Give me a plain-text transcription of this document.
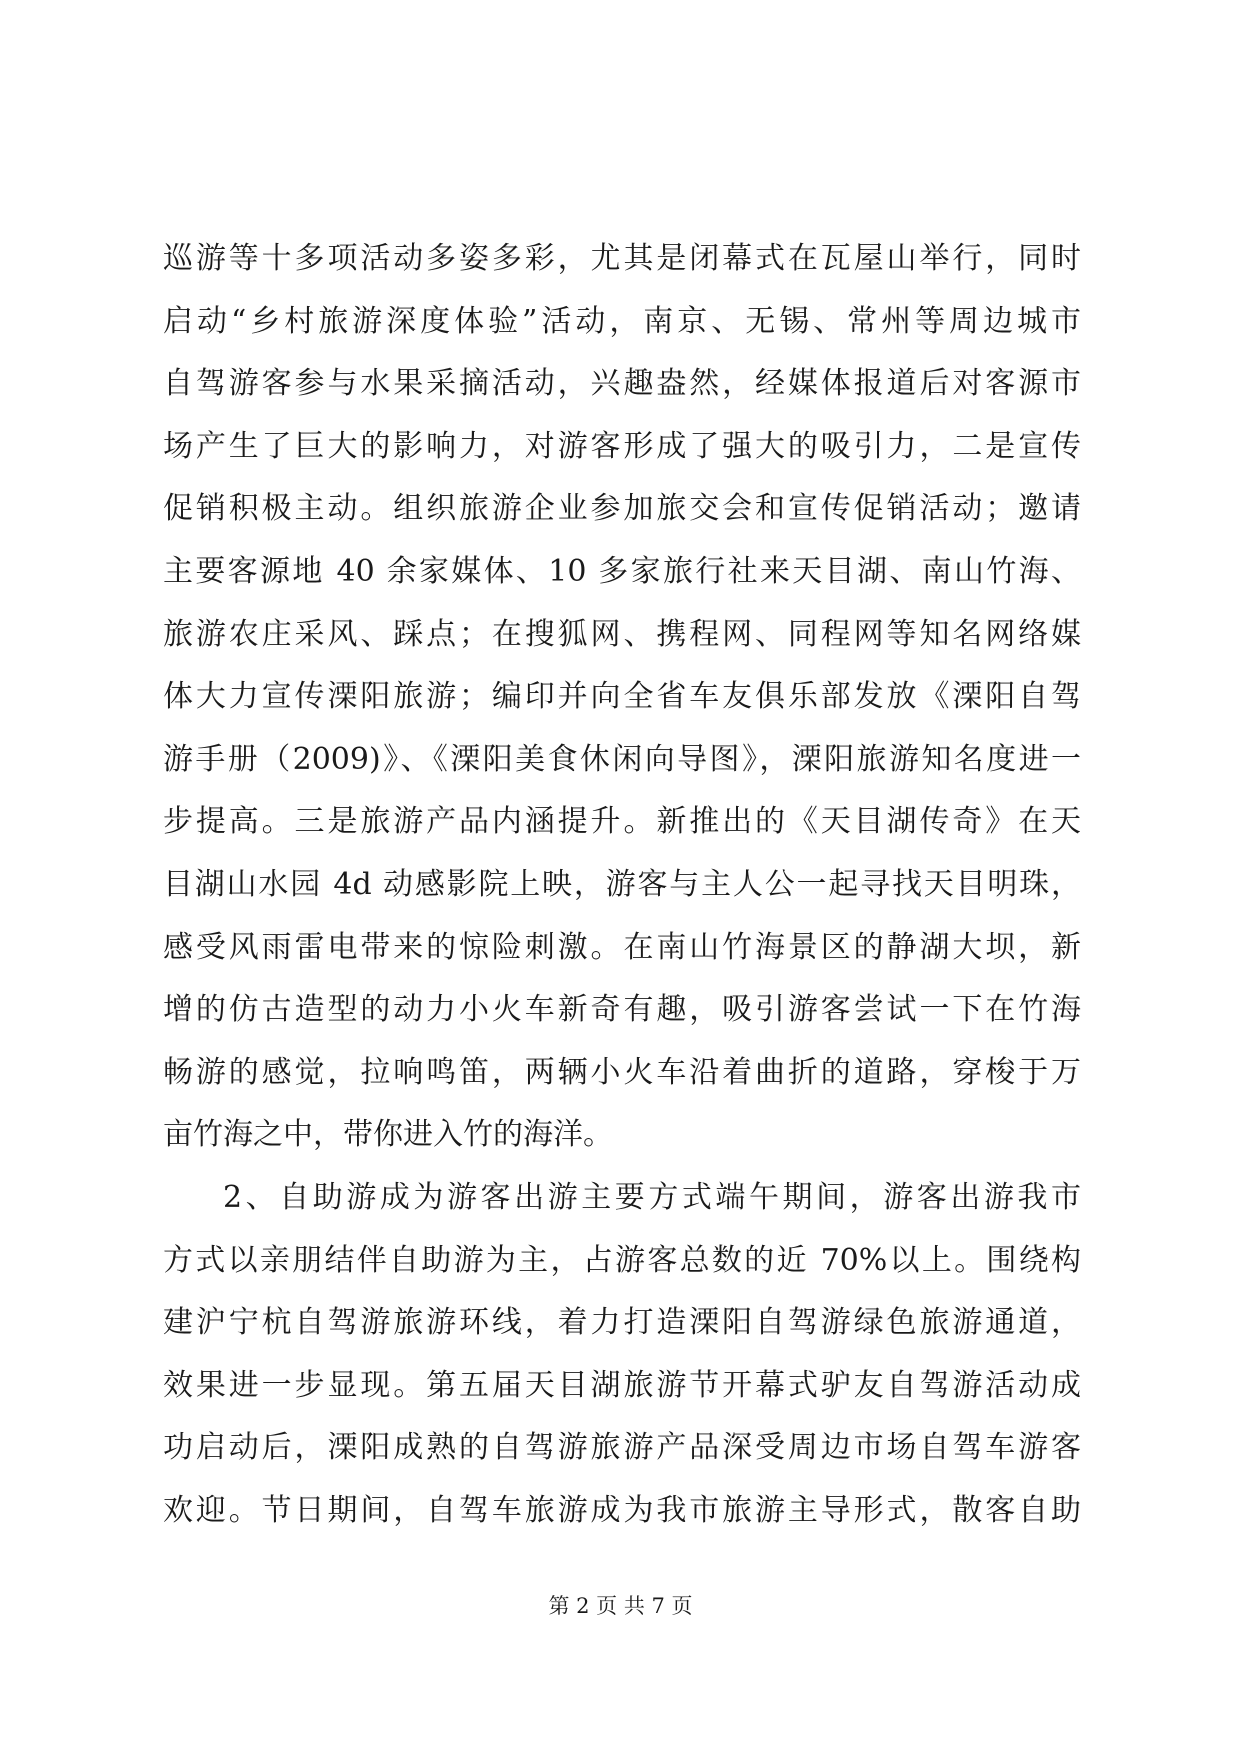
巡游等十多项活动多姿多彩，尤其是闭幕式在瓦屋山举行，同时
启动“乡村旅游深度体验”活动，南京、无锡、常州等周边城市
自驾游客参与水果采摘活动，兴趣盎然，经媒体报道后对客源市
场产生了巨大的影响力，对游客形成了强大的吸引力，二是宣传
促销积极主动。组织旅游企业参加旅交会和宣传促销活动；邀请
主要客源地 40 余家媒体、10 多家旅行社来天目湖、南山竹海、
旅游农庄采风、踩点；在搜狐网、携程网、同程网等知名网络媒
体大力宣传溧阳旅游；编印并向全省车友俱乐部发放《溧阳自驾
游手册（2009)》、《溧阳美食休闲向导图》，溧阳旅游知名度进一
步提高。三是旅游产品内涵提升。新推出的《天目湖传奇》在天
目湖山水园 4d 动感影院上映，游客与主人公一起寻找天目明珠，
感受风雨雷电带来的惊险刺激。在南山竹海景区的静湖大坝，新
增的仿古造型的动力小火车新奇有趣，吸引游客尝试一下在竹海
畅游的感觉，拉响鸣笛，两辆小火车沿着曲折的道路，穿梭于万
亩竹海之中，带你进入竹的海洋。
2、自助游成为游客出游主要方式端午期间，游客出游我市
方式以亲朋结伴自助游为主，占游客总数的近 70%以上。围绕构
建沪宁杭自驾游旅游环线，着力打造溧阳自驾游绿色旅游通道，
效果进一步显现。第五届天目湖旅游节开幕式驴友自驾游活动成
功启动后，溧阳成熟的自驾游旅游产品深受周边市场自驾车游客
欢迎。节日期间，自驾车旅游成为我市旅游主导形式，散客自助
第 2 页 共 7 页
